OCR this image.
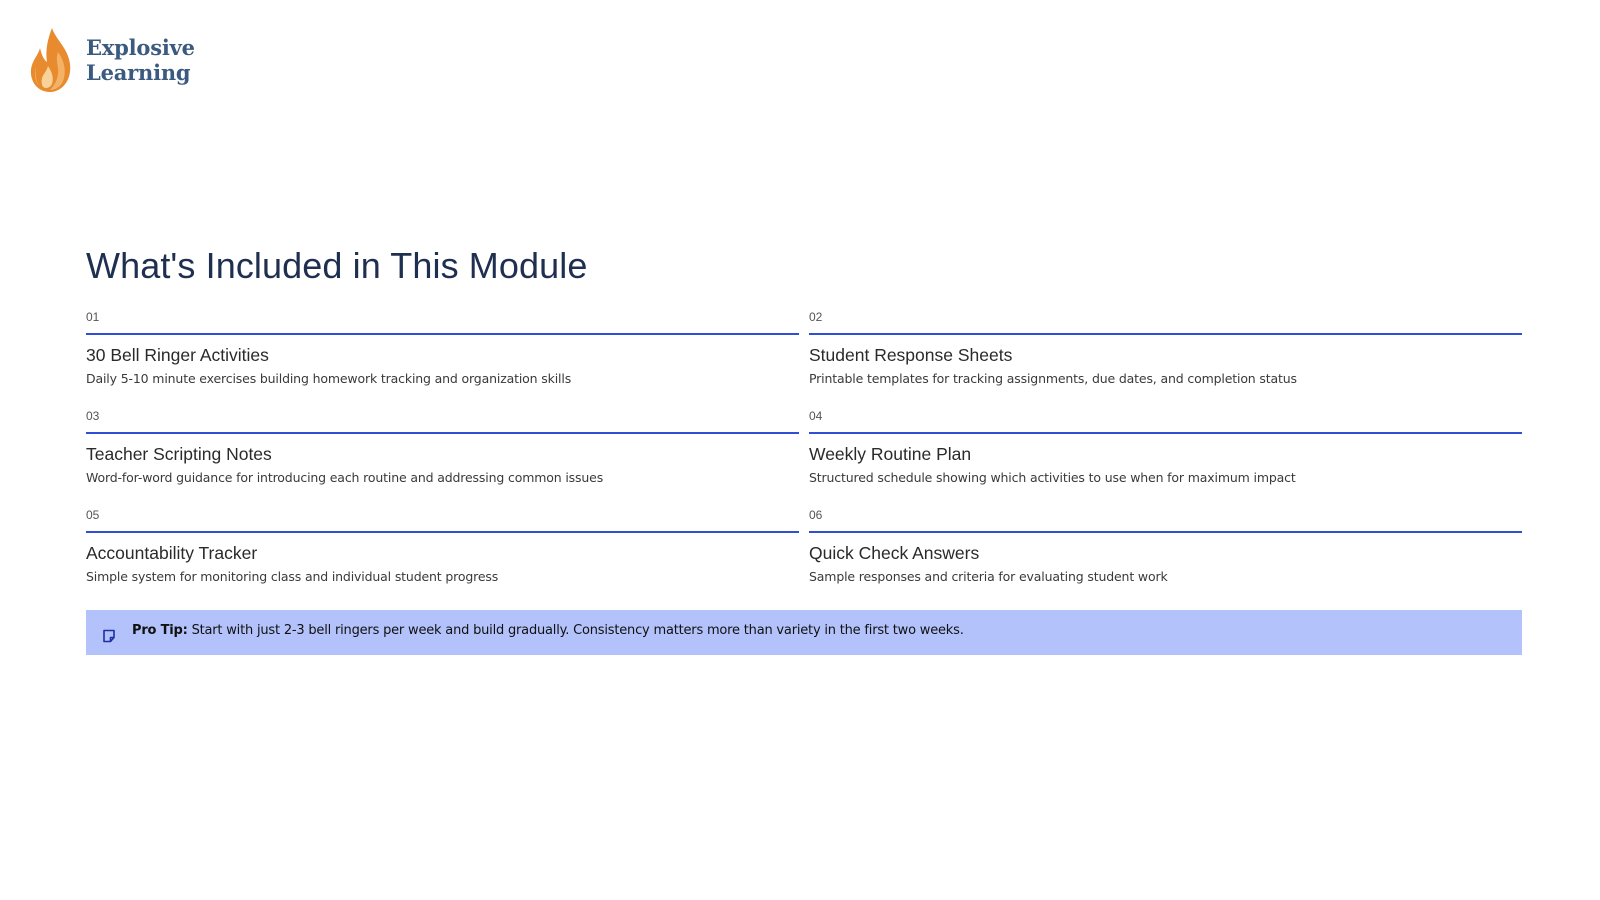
Explosive
Learning
What's Included in This Module
01
30 Bell Ringer Activities
Daily 5-10 minute exercises building homework tracking and organization skills
02
Student Response Sheets
Printable templates for tracking assignments, due dates, and completion status
03
Teacher Scripting Notes
Word-for-word guidance for introducing each routine and addressing common issues
04
Weekly Routine Plan
Structured schedule showing which activities to use when for maximum impact
05
Accountability Tracker
Simple system for monitoring class and individual student progress
06
Quick Check Answers
Sample responses and criteria for evaluating student work
Pro Tip: Start with just 2-3 bell ringers per week and build gradually. Consistency matters more than variety in the first two weeks.
